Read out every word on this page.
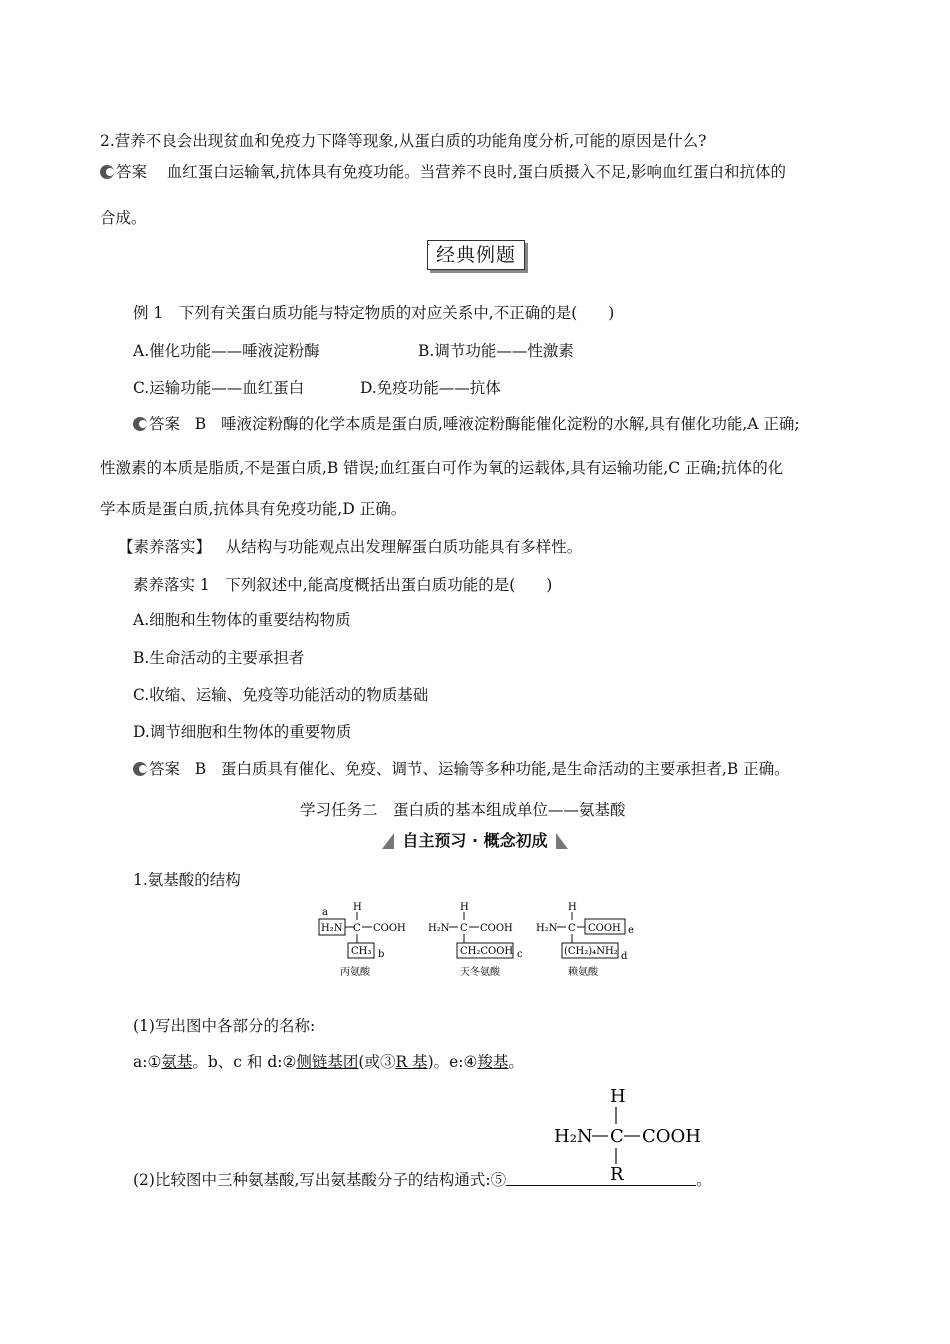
2.营养不良会出现贫血和免疫力下降等现象,从蛋白质的功能角度分析,可能的原因是什么?
答案 血红蛋白运输氧,抗体具有免疫功能。当营养不良时,蛋白质摄入不足,影响血红蛋白和抗体的
合成。
˙ 经典例题
例 1　下列有关蛋白质功能与特定物质的对应关系中,不正确的是(　　)
A.催化功能——唾液淀粉酶	B.调节功能——性激素
C.运输功能——血红蛋白	D.免疫功能——抗体
答案 B 唾液淀粉酶的化学本质是蛋白质,唾液淀粉酶能催化淀粉的水解,具有催化功能,A 正确;
性激素的本质是脂质,不是蛋白质,B 错误;血红蛋白可作为氧的运载体,具有运输功能,C 正确;抗体的化
学本质是蛋白质,抗体具有免疫功能,D 正确。
【素养落实】 从结构与功能观点出发理解蛋白质功能具有多样性。
素养落实 1　下列叙述中,能高度概括出蛋白质功能的是(　　)
A.细胞和生物体的重要结构物质
B.生命活动的主要承担者
C.收缩、运输、免疫等功能活动的物质基础
D.调节细胞和生物体的重要物质
答案 B 蛋白质具有催化、免疫、调节、运输等多种功能,是生命活动的主要承担者,B 正确。
学习任务二　蛋白质的基本组成单位——氨基酸
自主预习 · 概念初成
1.氨基酸的结构
a
H₂N
H
C COOH
CH₃ b
丙氨酸
H₂N
H
C COOH
CH₂COOH c
天冬氨酸
H₂N
H
C COOH e
(CH₂)₄NH₂ d
赖氨酸
(1)写出图中各部分的名称:
a:①氨基。b、c 和 d:②侧链基团(或③R 基)。e:④羧基。
H
H₂N C COOH
R
(2)比较图中三种氨基酸,写出氨基酸分子的结构通式:⑤	。
